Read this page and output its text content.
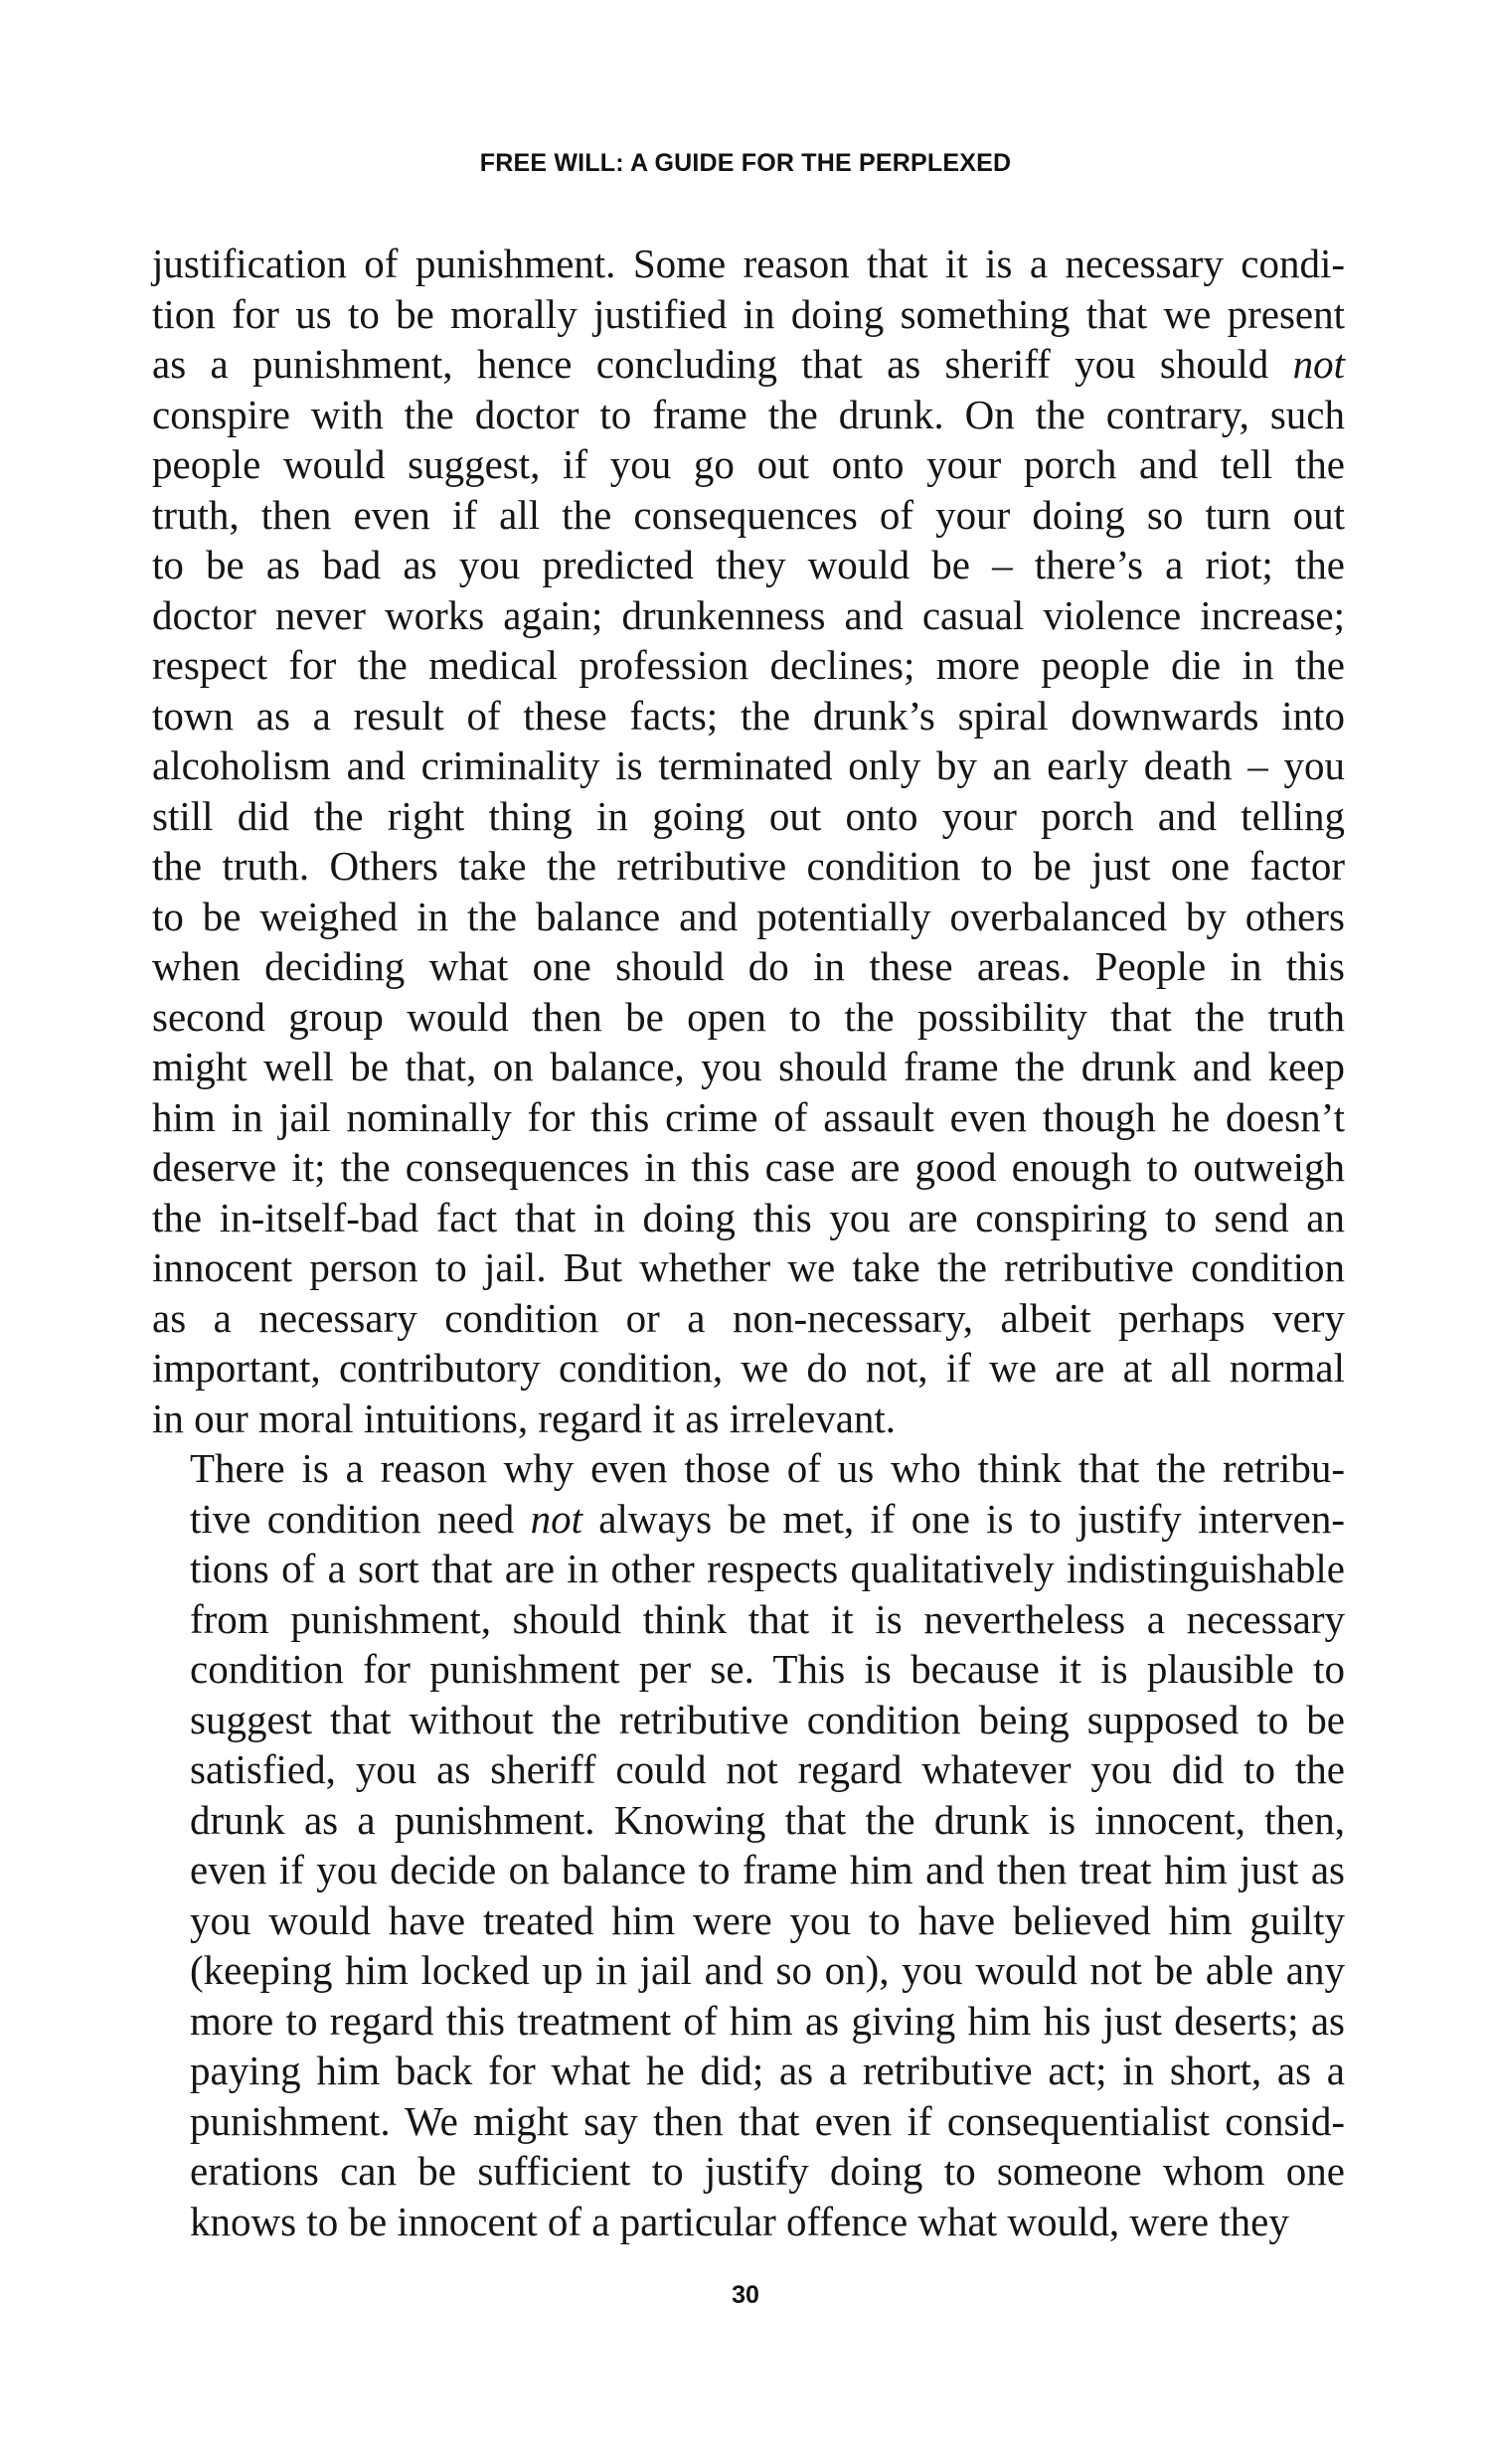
FREE WILL: A GUIDE FOR THE PERPLEXED
justification of punishment. Some reason that it is a necessary condi-
tion for us to be morally justified in doing something that we present
as a punishment, hence concluding that as sheriff you should not
conspire with the doctor to frame the drunk. On the contrary, such
people would suggest, if you go out onto your porch and tell the
truth, then even if all the consequences of your doing so turn out
to be as bad as you predicted they would be – there’s a riot; the
doctor never works again; drunkenness and casual violence increase;
respect for the medical profession declines; more people die in the
town as a result of these facts; the drunk’s spiral downwards into
alcoholism and criminality is terminated only by an early death – you
still did the right thing in going out onto your porch and telling
the truth. Others take the retributive condition to be just one factor
to be weighed in the balance and potentially overbalanced by others
when deciding what one should do in these areas. People in this
second group would then be open to the possibility that the truth
might well be that, on balance, you should frame the drunk and keep
him in jail nominally for this crime of assault even though he doesn’t
deserve it; the consequences in this case are good enough to outweigh
the in-itself-bad fact that in doing this you are conspiring to send an
innocent person to jail. But whether we take the retributive condition
as a necessary condition or a non-necessary, albeit perhaps very
important, contributory condition, we do not, if we are at all normal
in our moral intuitions, regard it as irrelevant.
There is a reason why even those of us who think that the retribu-
tive condition need not always be met, if one is to justify interven-
tions of a sort that are in other respects qualitatively indistinguishable
from punishment, should think that it is nevertheless a necessary
condition for punishment per se. This is because it is plausible to
suggest that without the retributive condition being supposed to be
satisfied, you as sheriff could not regard whatever you did to the
drunk as a punishment. Knowing that the drunk is innocent, then,
even if you decide on balance to frame him and then treat him just as
you would have treated him were you to have believed him guilty
(keeping him locked up in jail and so on), you would not be able any
more to regard this treatment of him as giving him his just deserts; as
paying him back for what he did; as a retributive act; in short, as a
punishment. We might say then that even if consequentialist consid-
erations can be sufficient to justify doing to someone whom one
knows to be innocent of a particular offence what would, were they
30
